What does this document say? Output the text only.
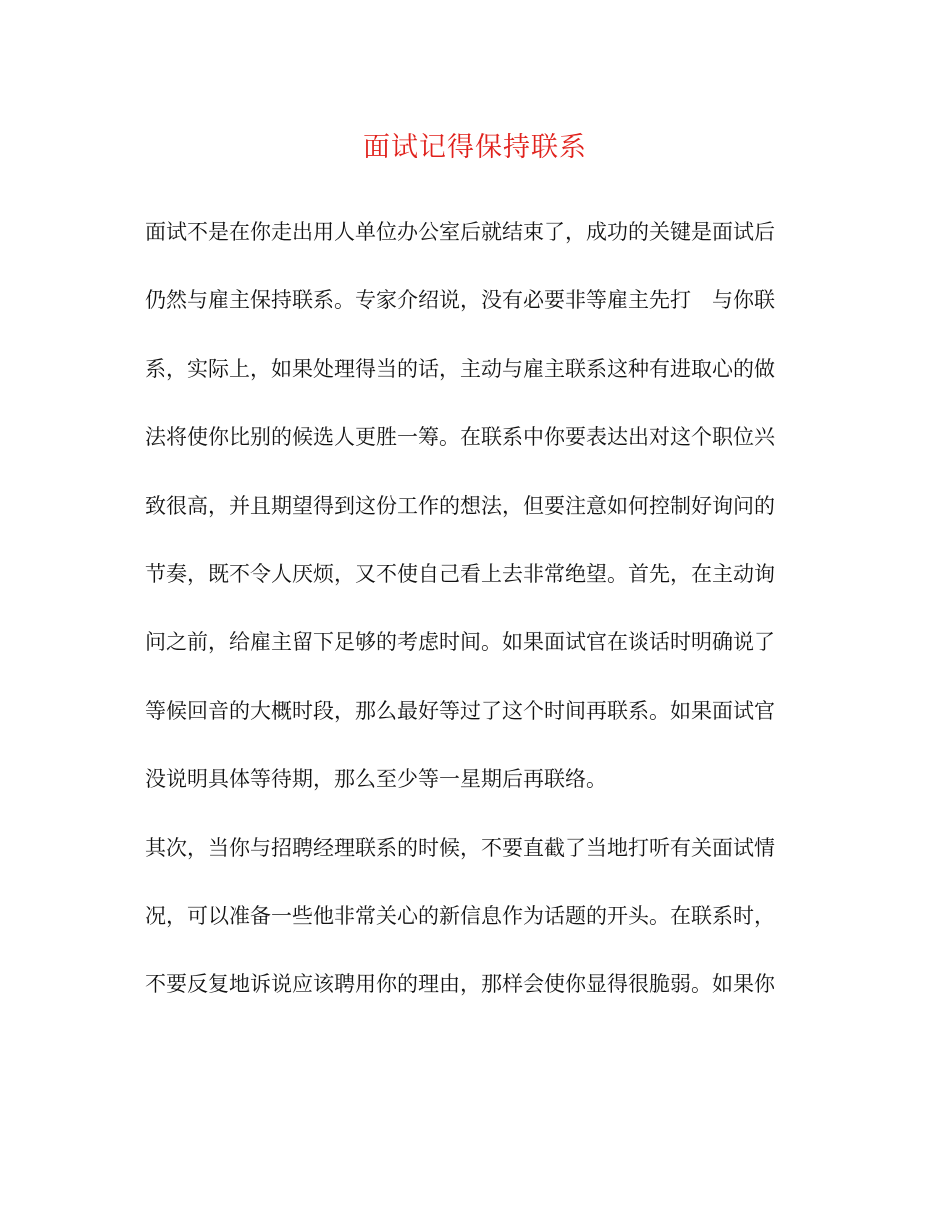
面试记得保持联系
面试不是在你走出用人单位办公室后就结束了，成功的关键是面试后
仍然与雇主保持联系。专家介绍说，没有必要非等雇主先打　与你联
系，实际上，如果处理得当的话，主动与雇主联系这种有进取心的做
法将使你比别的候选人更胜一筹。在联系中你要表达出对这个职位兴
致很高，并且期望得到这份工作的想法，但要注意如何控制好询问的
节奏，既不令人厌烦，又不使自己看上去非常绝望。首先，在主动询
问之前，给雇主留下足够的考虑时间。如果面试官在谈话时明确说了
等候回音的大概时段，那么最好等过了这个时间再联系。如果面试官
没说明具体等待期，那么至少等一星期后再联络。
其次，当你与招聘经理联系的时候，不要直截了当地打听有关面试情
况，可以准备一些他非常关心的新信息作为话题的开头。在联系时，
不要反复地诉说应该聘用你的理由，那样会使你显得很脆弱。如果你
